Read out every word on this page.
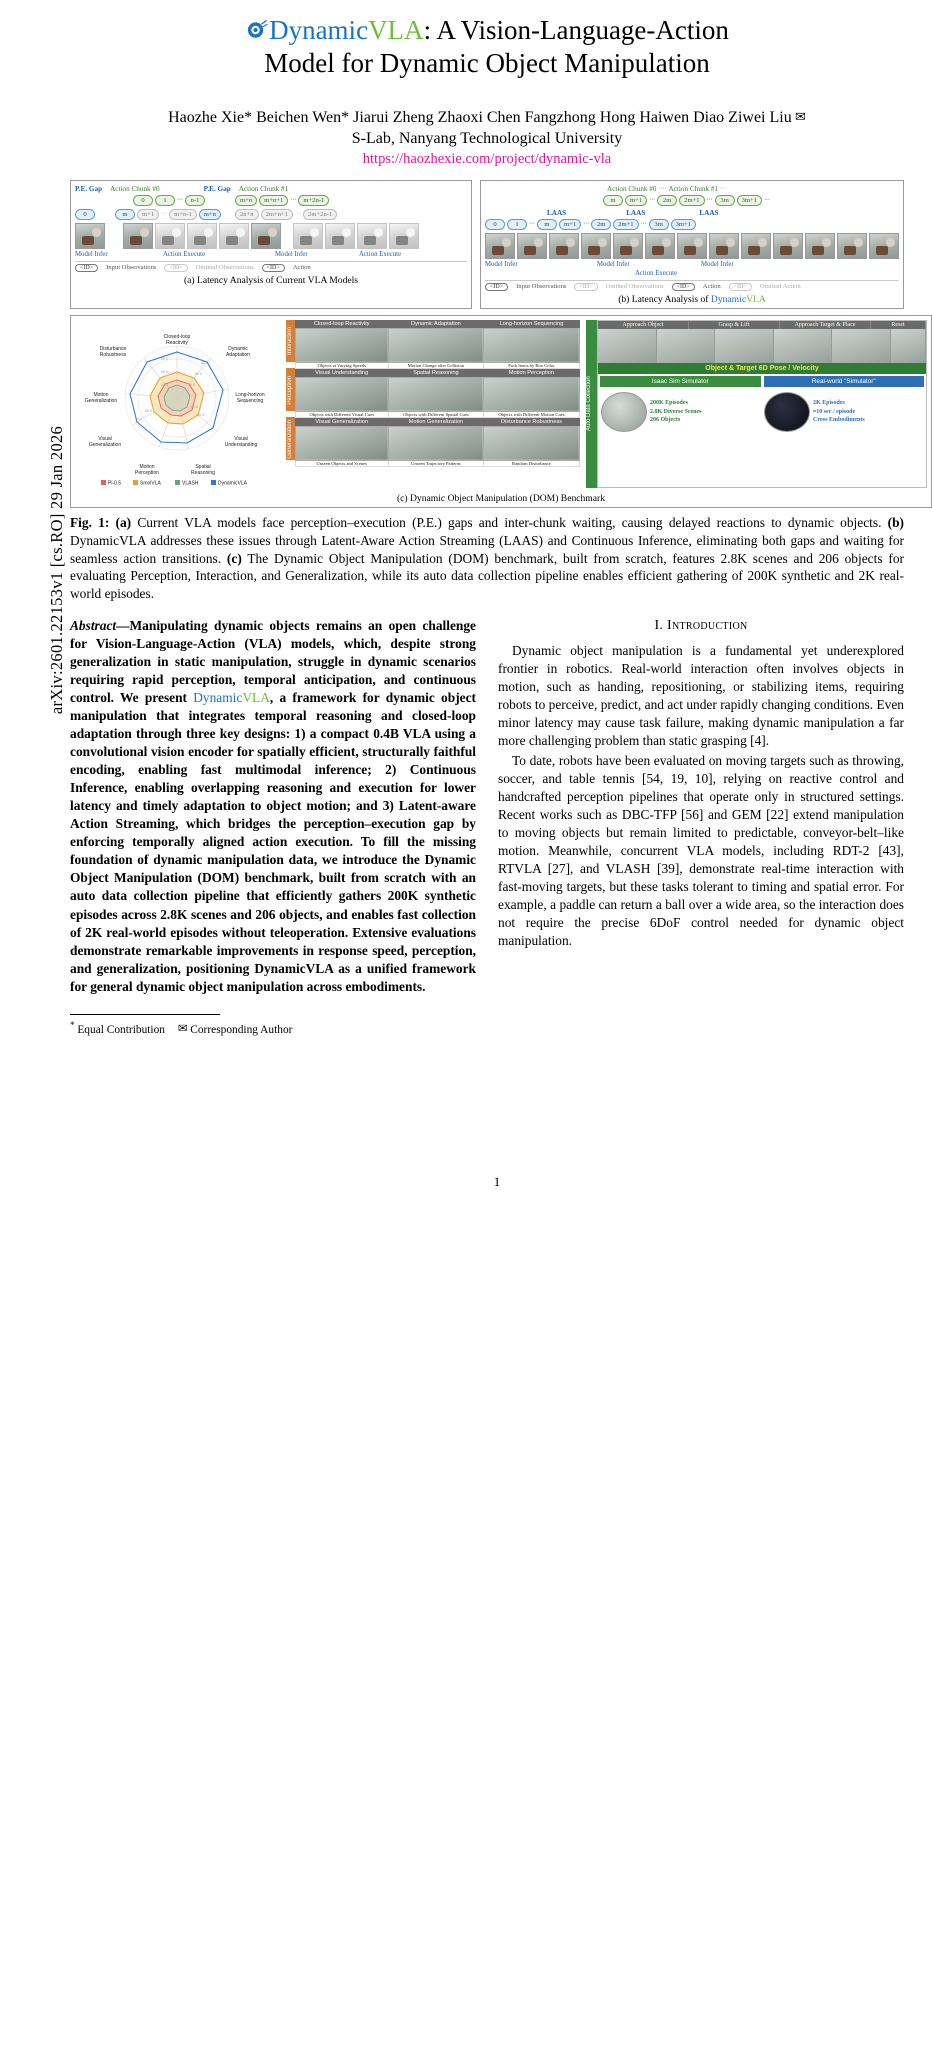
arXiv:2601.22153v1 [cs.RO] 29 Jan 2026
DynamicVLA: A Vision-Language-Action
Model for Dynamic Object Manipulation
Haozhe Xie* Beichen Wen* Jiarui Zheng Zhaoxi Chen Fangzhong Hong Haiwen Diao Ziwei Liu ✉
S-Lab, Nanyang Technological University
https://haozhexie.com/project/dynamic-vla
P.E. Gap Action Chunk #0	P.E. Gap Action Chunk #1
0	1	···	n-1	m+n	m+n+1	···	m+2n-1
0	m	m+1	···	m+n-1	m+n	2n+n	2m+n+1	···	2m+2n-1
Model Infer	Action Execute	Model Infer	Action Execute
<ID>	Input Observations	<ID>	Omitted Observations	<ID>	Action
(a) Latency Analysis of Current VLA Models
Action Chunk #0 ···· Action Chunk #1 ···
m	m+1	···	2m	2m+1	···	3m	3m+1	···
LAAS	LAAS	LAAS
0	1	···	m	m+1	···	2m	2m+1	···	3m	3m+1
Model Infer	Model Infer	Model Infer
Action Execute
<ID>	Input Observations	<ID>	Omitted Observations	<ID>	Action	<ID>	Omitted Action
(b) Latency Analysis of DynamicVLA
Closed-loop
Reactivity
Dynamic
Adaptation
Long-horizon
Sequencing
Visual
Understanding
Spatial
Reasoning
Motion
Perception
Visual
Generalization
Motion
Generalization
Disturbance
Robustness
80.0
60.0
40.0
80.0
60.0
40.0
40.0
60.0
40.0
60.0
Pi-0.5	SmolVLA	VLASH	DynamicVLA
Interaction	Closed-loop Reactivity	Dynamic Adaptation	Long-horizon Sequencing

	Objects at Varying Speeds	Motion Change after Collision	Pack Items by Box Color

Perception	Visual Understanding	Spatial Reasoning	Motion Perception

	Objects with Different Visual Cues	Objects with Different Spatial Cues	Objects with Different Motion Cues

Generalization	Visual Generalization	Motion Generalization	Disturbance Robustness

	Unseen Objects and Scenes	Unseen Trajectory Patterns	Random Disturbance
Auto Data Collection
Approach Object	Grasp & Lift	Approach Target & Place	Reset
Object & Target 6D Pose / Velocity
Isaac Sim Simulator	Real-world "Simulator"
200K Episodes
2.8K Diverse Scenes
206 Objects
2K Episodes
≈10 sec / episode
Cross Embodiments
(c) Dynamic Object Manipulation (DOM) Benchmark
Fig. 1: (a) Current VLA models face perception–execution (P.E.) gaps and inter-chunk waiting, causing delayed reactions to dynamic objects. (b) DynamicVLA addresses these issues through Latent-Aware Action Streaming (LAAS) and Continuous Inference, eliminating both gaps and waiting for seamless action transitions. (c) The Dynamic Object Manipulation (DOM) benchmark, built from scratch, features 2.8K scenes and 206 objects for evaluating Perception, Interaction, and Generalization, while its auto data collection pipeline enables efficient gathering of 200K synthetic and 2K real-world episodes.
Abstract—Manipulating dynamic objects remains an open challenge for Vision-Language-Action (VLA) models, which, despite strong generalization in static manipulation, struggle in dynamic scenarios requiring rapid perception, temporal anticipation, and continuous control. We present DynamicVLA, a framework for dynamic object manipulation that integrates temporal reasoning and closed-loop adaptation through three key designs: 1) a compact 0.4B VLA using a convolutional vision encoder for spatially efficient, structurally faithful encoding, enabling fast multimodal inference; 2) Continuous Inference, enabling overlapping reasoning and execution for lower latency and timely adaptation to object motion; and 3) Latent-aware Action Streaming, which bridges the perception–execution gap by enforcing temporally aligned action execution. To fill the missing foundation of dynamic manipulation data, we introduce the Dynamic Object Manipulation (DOM) benchmark, built from scratch with an auto data collection pipeline that efficiently gathers 200K synthetic episodes across 2.8K scenes and 206 objects, and enables fast collection of 2K real-world episodes without teleoperation. Extensive evaluations demonstrate remarkable improvements in response speed, perception, and generalization, positioning DynamicVLA as a unified framework for general dynamic object manipulation across embodiments.
* Equal Contribution ✉ Corresponding Author
I. Introduction

Dynamic object manipulation is a fundamental yet underexplored frontier in robotics. Real-world interaction often involves objects in motion, such as handing, repositioning, or stabilizing items, requiring robots to perceive, predict, and act under rapidly changing conditions. Even minor latency may cause task failure, making dynamic manipulation a far more challenging problem than static grasping [4].

To date, robots have been evaluated on moving targets such as throwing, soccer, and table tennis [54, 19, 10], relying on reactive control and handcrafted perception pipelines that operate only in structured settings. Recent works such as DBC-TFP [56] and GEM [22] extend manipulation to moving objects but remain limited to predictable, conveyor-belt–like motion. Meanwhile, concurrent VLA models, including RDT-2 [43], RTVLA [27], and VLASH [39], demonstrate real-time interaction with fast-moving targets, but these tasks tolerant to timing and spatial error. For example, a paddle can return a ball over a wide area, so the interaction does not require the precise 6DoF control needed for dynamic object manipulation.

1
